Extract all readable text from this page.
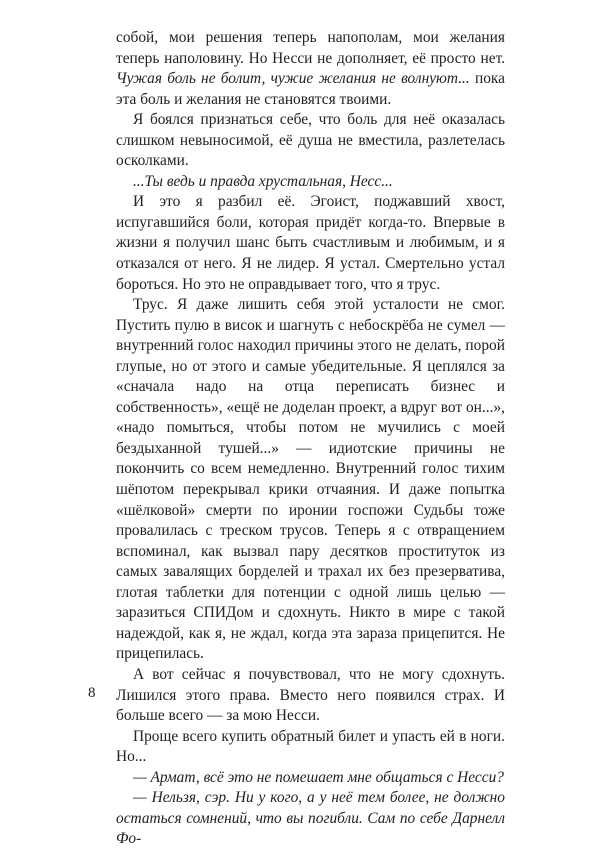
собой, мои решения теперь напополам, мои желания теперь наполовину. Но Несси не дополняет, её просто нет. Чужая боль не болит, чужие желания не волнуют... пока эта боль и желания не становятся твоими.

Я боялся признаться себе, что боль для неё оказалась слишком невыносимой, её душа не вместила, разлетелась осколками.

...Ты ведь и правда хрустальная, Несс...

И это я разбил её. Эгоист, поджавший хвост, испугавшийся боли, которая придёт когда-то. Впервые в жизни я получил шанс быть счастливым и любимым, и я отказался от него. Я не лидер. Я устал. Смертельно устал бороться. Но это не оправдывает того, что я трус.

Трус. Я даже лишить себя этой усталости не смог. Пустить пулю в висок и шагнуть с небоскрёба не сумел — внутренний голос находил причины этого не делать, порой глупые, но от этого и самые убедительные. Я цеплялся за «сначала надо на отца переписать бизнес и собственность», «ещё не доделан проект, а вдруг вот он...», «надо помыться, чтобы потом не мучились с моей бездыханной тушей...» — идиотские причины не покончить со всем немедленно. Внутренний голос тихим шёпотом перекрывал крики отчаяния. И даже попытка «шёлковой» смерти по иронии госпожи Судьбы тоже провалилась с треском трусов. Теперь я с отвращением вспоминал, как вызвал пару десятков проституток из самых завалящих борделей и трахал их без презерватива, глотая таблетки для потенции с одной лишь целью — заразиться СПИДом и сдохнуть. Никто в мире с такой надеждой, как я, не ждал, когда эта зараза прицепится. Не прицепилась.

А вот сейчас я почувствовал, что не могу сдохнуть. Лишился этого права. Вместо него появился страх. И больше всего — за мою Несси.

Проще всего купить обратный билет и упасть ей в ноги. Но...

— Армат, всё это не помешает мне общаться с Несси?

— Нельзя, сэр. Ни у кого, а у неё тем более, не должно остаться сомнений, что вы погибли. Сам по себе Дарнелл Фо-

8
